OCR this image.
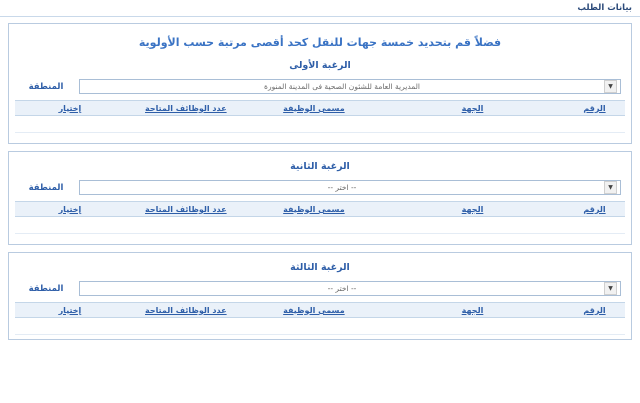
بيانات الطلب
فضلاً قم بتحديد خمسة جهات للنقل كحد أقصى مرتبة حسب الأولوية
الرغبة الأولى
▼
المديرية العامة للشئون الصحية فى المدينة المنورة
المنطقة
الرقم	الجهة	مسمى الوظيفة	عدد الوظائف المتاحة	إختيار

الرغبة الثانية
▼
-- اختر --
المنطقة
الرقم	الجهة	مسمى الوظيفة	عدد الوظائف المتاحة	إختيار

الرغبة الثالثة
▼
-- اختر --
المنطقة
الرقم	الجهة	مسمى الوظيفة	عدد الوظائف المتاحة	إختيار
